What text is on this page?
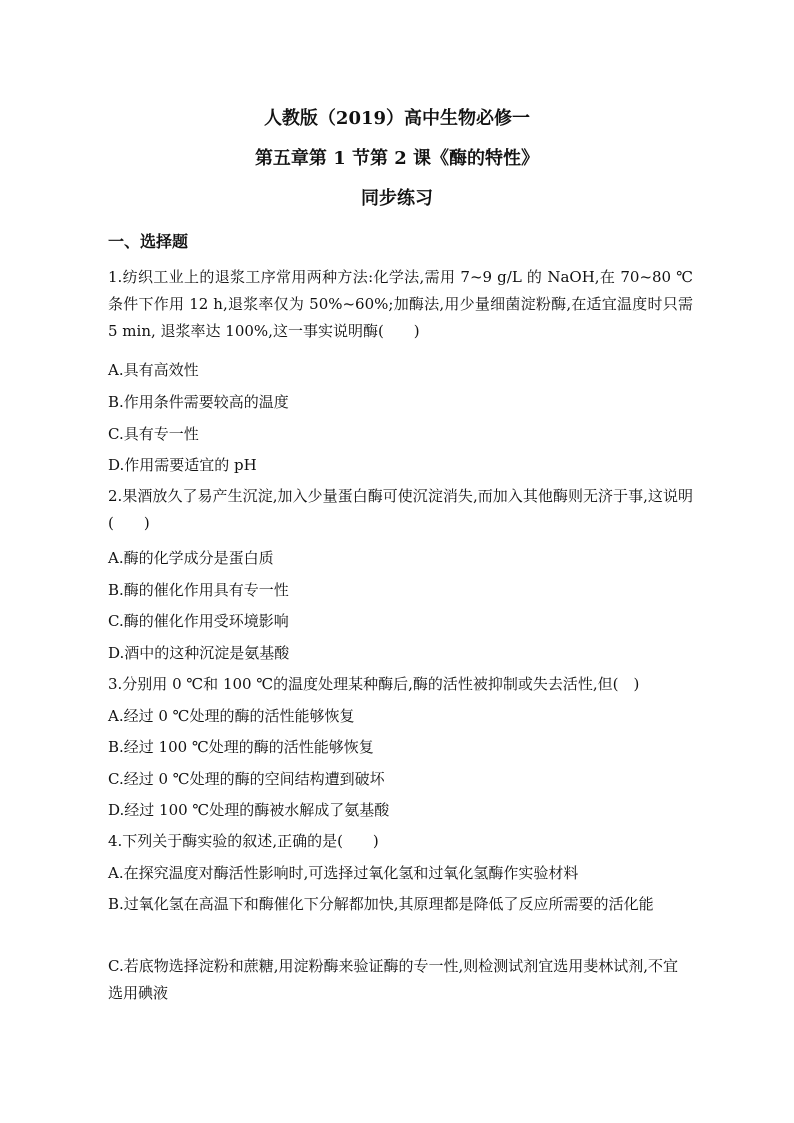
人教版（2019）高中生物必修一
第五章第 1 节第 2 课《酶的特性》
同步练习
一、选择题
1.纺织工业上的退浆工序常用两种方法:化学法,需用 7~9 g/L 的 NaOH,在 70~80 ℃条件下作用 12 h,退浆率仅为 50%~60%;加酶法,用少量细菌淀粉酶,在适宜温度时只需 5 min, 退浆率达 100%,这一事实说明酶(　　)
A.具有高效性
B.作用条件需要较高的温度
C.具有专一性
D.作用需要适宜的 pH
2.果酒放久了易产生沉淀,加入少量蛋白酶可使沉淀消失,而加入其他酶则无济于事,这说明(　　)
A.酶的化学成分是蛋白质
B.酶的催化作用具有专一性
C.酶的催化作用受环境影响
D.酒中的这种沉淀是氨基酸
3.分别用 0 ℃和 100 ℃的温度处理某种酶后,酶的活性被抑制或失去活性,但(　)
A.经过 0 ℃处理的酶的活性能够恢复
B.经过 100 ℃处理的酶的活性能够恢复
C.经过 0 ℃处理的酶的空间结构遭到破坏
D.经过 100 ℃处理的酶被水解成了氨基酸
4.下列关于酶实验的叙述,正确的是(　　)
A.在探究温度对酶活性影响时,可选择过氧化氢和过氧化氢酶作实验材料
B.过氧化氢在高温下和酶催化下分解都加快,其原理都是降低了反应所需要的活化能
C.若底物选择淀粉和蔗糖,用淀粉酶来验证酶的专一性,则检测试剂宜选用斐林试剂,不宜选用碘液
